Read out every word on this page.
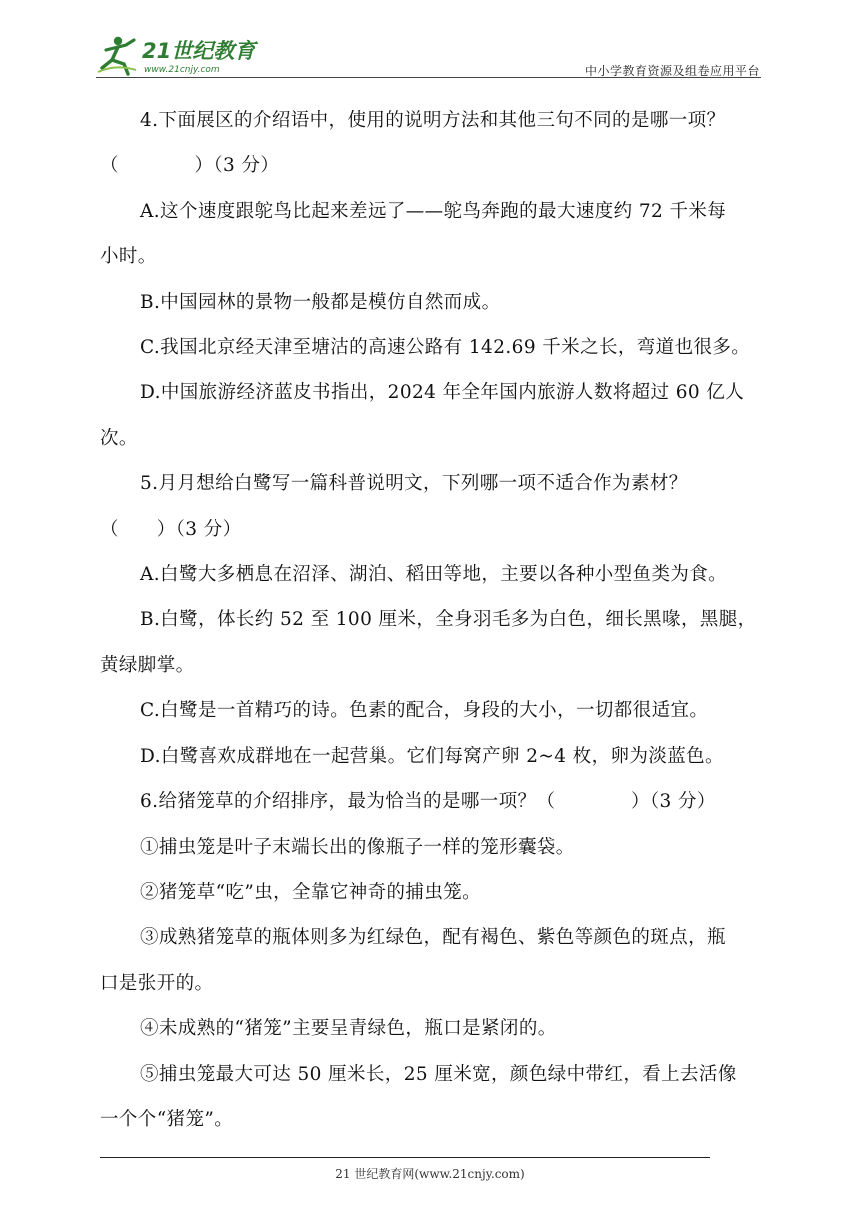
21世纪教育
www.21cnjy.com	中小学教育资源及组卷应用平台
4.下面展区的介绍语中，使用的说明方法和其他三句不同的是哪一项？
（　　　　）（3 分）
A.这个速度跟鸵鸟比起来差远了——鸵鸟奔跑的最大速度约 72 千米每
小时。
B.中国园林的景物一般都是模仿自然而成。
C.我国北京经天津至塘沽的高速公路有 142.69 千米之长，弯道也很多。
D.中国旅游经济蓝皮书指出，2024 年全年国内旅游人数将超过 60 亿人
次。
5.月月想给白鹭写一篇科普说明文，下列哪一项不适合作为素材？
（　　）（3 分）
A.白鹭大多栖息在沼泽、湖泊、稻田等地，主要以各种小型鱼类为食。
B.白鹭，体长约 52 至 100 厘米，全身羽毛多为白色，细长黑喙，黑腿，
黄绿脚掌。
C.白鹭是一首精巧的诗。色素的配合，身段的大小，一切都很适宜。
D.白鹭喜欢成群地在一起营巢。它们每窝产卵 2~4 枚，卵为淡蓝色。
6.给猪笼草的介绍排序，最为恰当的是哪一项？（　　　　）（3 分）
①捕虫笼是叶子末端长出的像瓶子一样的笼形囊袋。
②猪笼草“吃”虫，全靠它神奇的捕虫笼。
③成熟猪笼草的瓶体则多为红绿色，配有褐色、紫色等颜色的斑点，瓶
口是张开的。
④未成熟的“猪笼”主要呈青绿色，瓶口是紧闭的。
⑤捕虫笼最大可达 50 厘米长，25 厘米宽，颜色绿中带红，看上去活像
一个个“猪笼”。
21 世纪教育网(www.21cnjy.com)
